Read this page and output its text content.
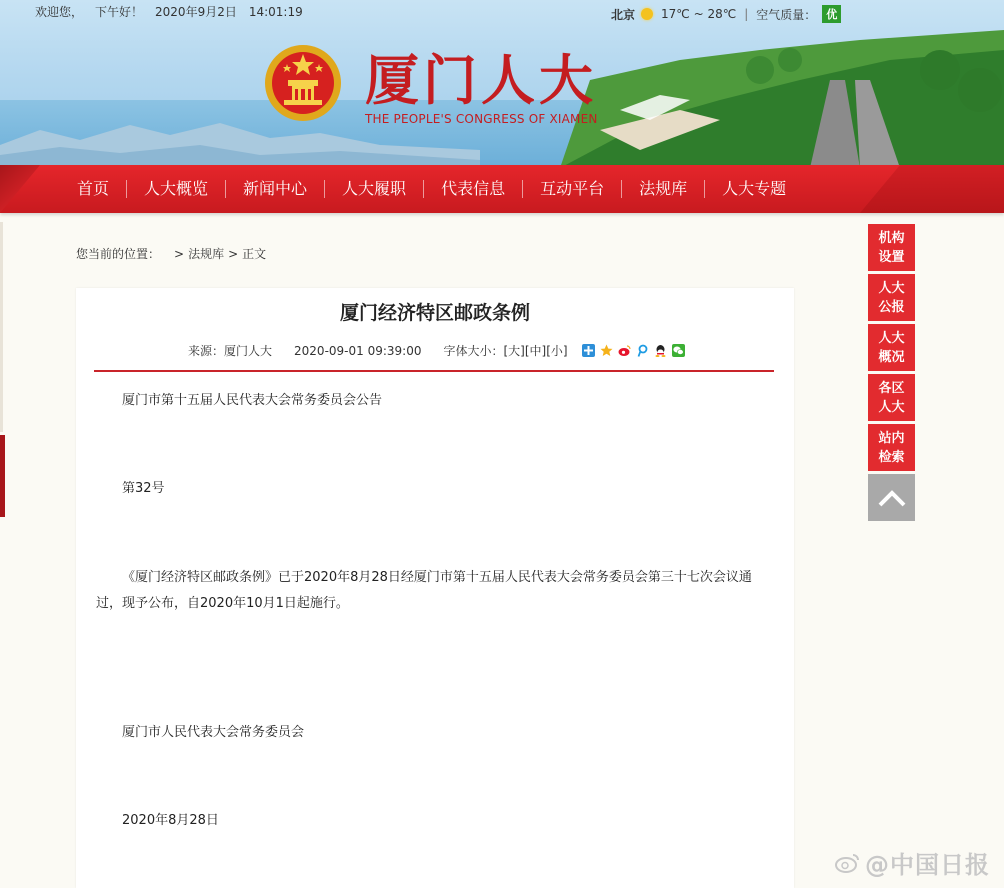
欢迎您， 下午好！ 2020年9月2日 14:01:19	北京 17℃ ~ 28℃ | 空气质量： 优
厦门人大
THE PEOPLE'S CONGRESS OF XIAMEN
首页	人大概览	新闻中心	人大履职	代表信息	互动平台	法规库	人大专题
您当前的位置： > 法规库 > 正文
厦门经济特区邮政条例
来源： 厦门人大 2020-09-01 09:39:00 字体大小： [大] [中] [小]
厦门市第十五届人民代表大会常务委员会公告
第32号
《厦门经济特区邮政条例》已于2020年8月28日经厦门市第十五届人民代表大会常务委员会第三十七次会议通
过，现予公布，自2020年10月1日起施行。
厦门市人民代表大会常务委员会
2020年8月28日
机构
设置
人大
公报
人大
概况
各区
人大
站内
检索
@中国日报
